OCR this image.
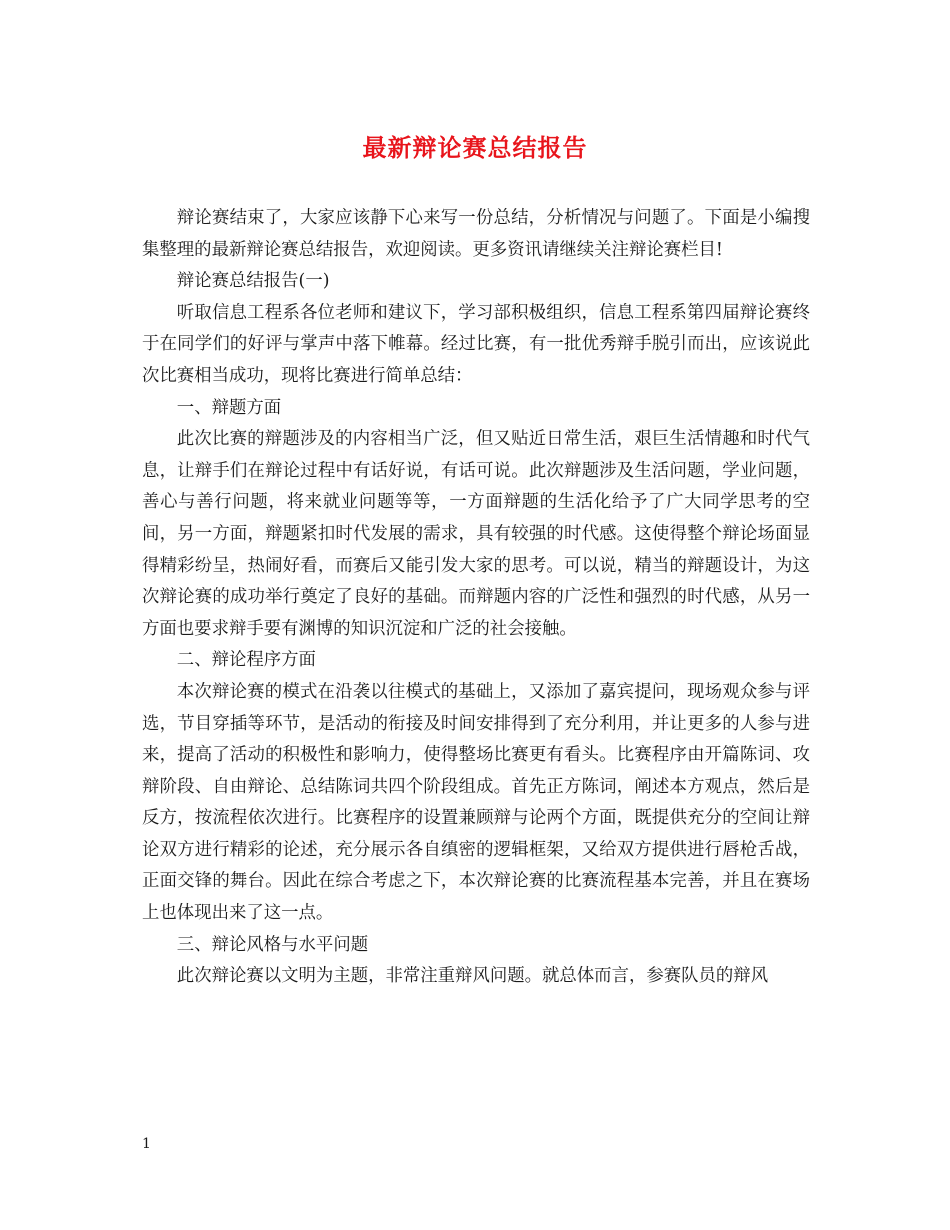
最新辩论赛总结报告

辩论赛结束了，大家应该静下心来写一份总结，分析情况与问题了。下面是小编搜集整理的最新辩论赛总结报告，欢迎阅读。更多资讯请继续关注辩论赛栏目!

辩论赛总结报告(一)

听取信息工程系各位老师和建议下，学习部积极组织，信息工程系第四届辩论赛终于在同学们的好评与掌声中落下帷幕。经过比赛，有一批优秀辩手脱引而出，应该说此次比赛相当成功，现将比赛进行简单总结：

一、辩题方面

此次比赛的辩题涉及的内容相当广泛，但又贴近日常生活，艰巨生活情趣和时代气息，让辩手们在辩论过程中有话好说，有话可说。此次辩题涉及生活问题，学业问题，善心与善行问题，将来就业问题等等，一方面辩题的生活化给予了广大同学思考的空间，另一方面，辩题紧扣时代发展的需求，具有较强的时代感。这使得整个辩论场面显得精彩纷呈，热闹好看，而赛后又能引发大家的思考。可以说，精当的辩题设计，为这次辩论赛的成功举行奠定了良好的基础。而辩题内容的广泛性和强烈的时代感，从另一方面也要求辩手要有渊博的知识沉淀和广泛的社会接触。

二、辩论程序方面

本次辩论赛的模式在沿袭以往模式的基础上，又添加了嘉宾提问，现场观众参与评选，节目穿插等环节，是活动的衔接及时间安排得到了充分利用，并让更多的人参与进来，提高了活动的积极性和影响力，使得整场比赛更有看头。比赛程序由开篇陈词、攻辩阶段、自由辩论、总结陈词共四个阶段组成。首先正方陈词，阐述本方观点，然后是反方，按流程依次进行。比赛程序的设置兼顾辩与论两个方面，既提供充分的空间让辩论双方进行精彩的论述，充分展示各自缜密的逻辑框架，又给双方提供进行唇枪舌战，正面交锋的舞台。因此在综合考虑之下，本次辩论赛的比赛流程基本完善，并且在赛场上也体现出来了这一点。

三、辩论风格与水平问题

此次辩论赛以文明为主题，非常注重辩风问题。就总体而言，参赛队员的辩风

1
